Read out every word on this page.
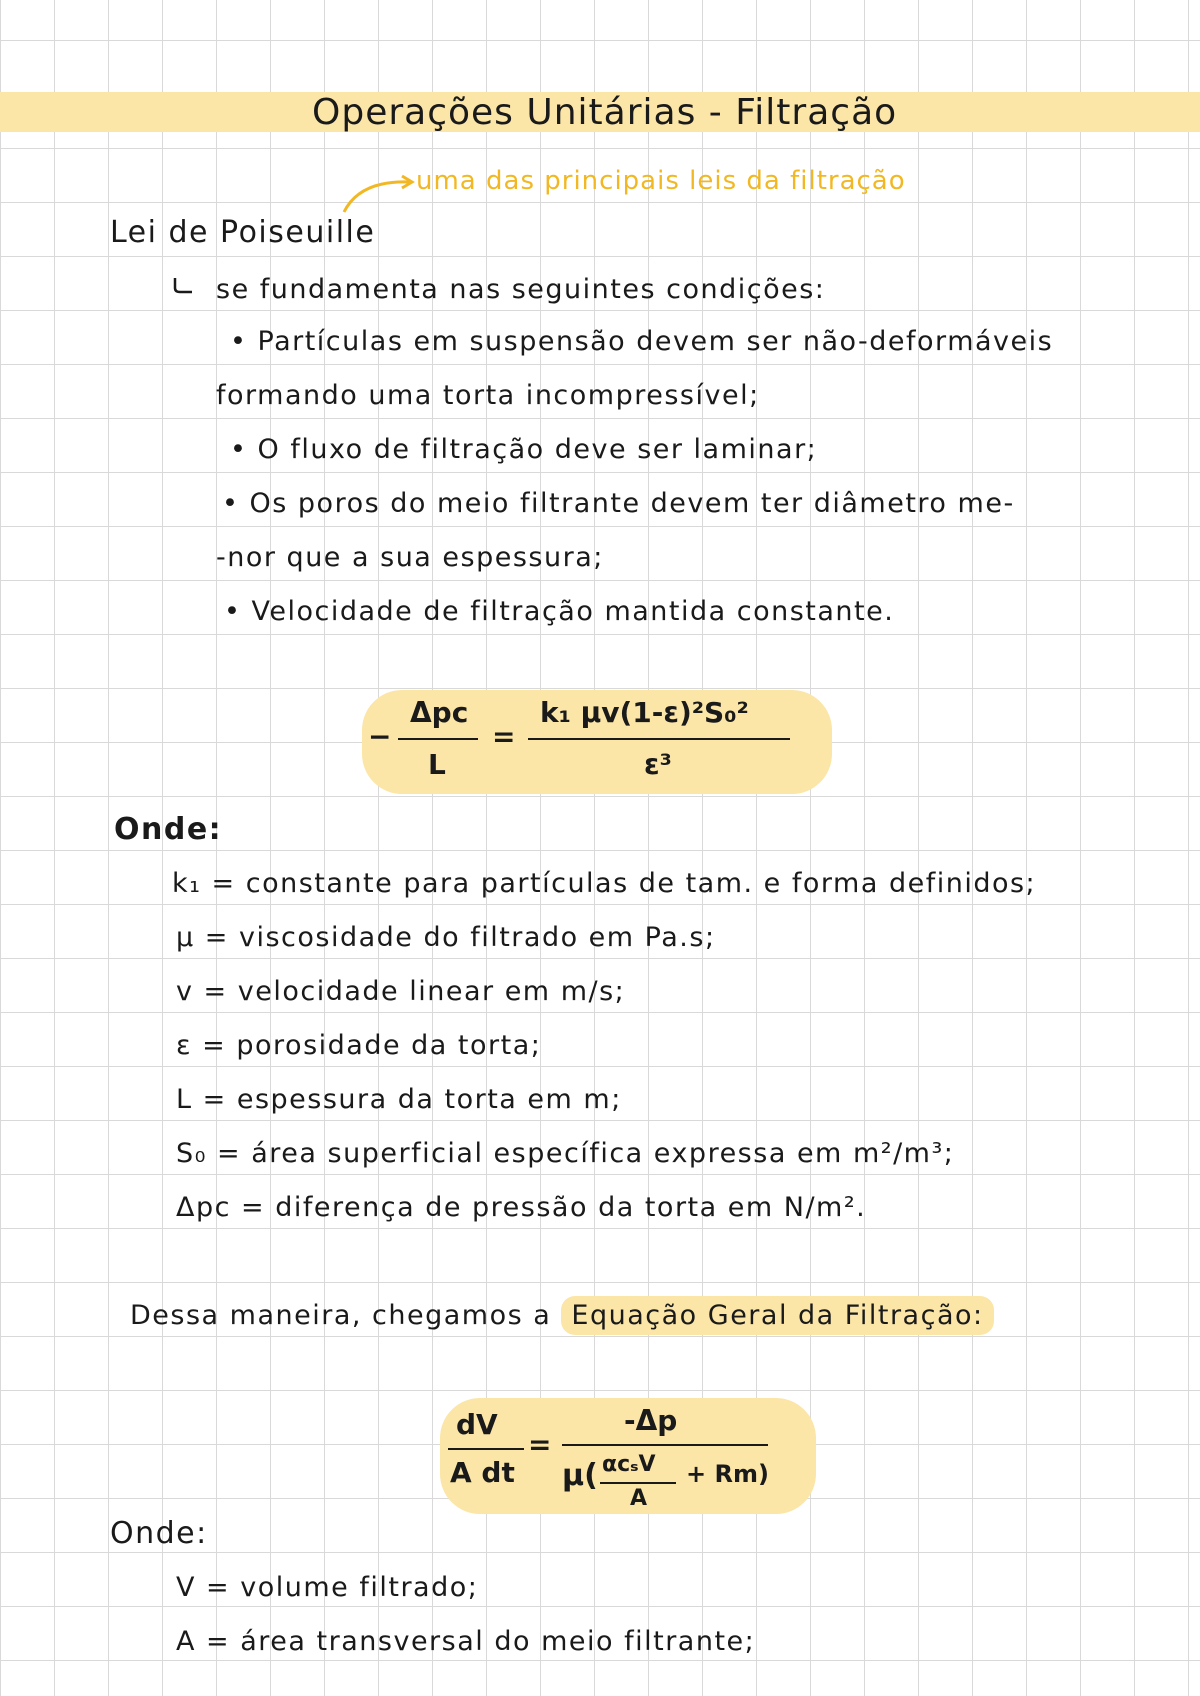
Operações Unitárias - Filtração
uma das principais leis da filtração
Lei de Poiseuille
se fundamenta nas seguintes condições:
• Partículas em suspensão devem ser não-deformáveis
formando uma torta incompressível;
• O fluxo de filtração deve ser laminar;
• Os poros do meio filtrante devem ter diâmetro me-
-nor que a sua espessura;
• Velocidade de filtração mantida constante.
−
Δpc
L
=
k₁ μv(1-ε)²S₀²
ε³
Onde:
k₁ = constante para partículas de tam. e forma definidos;
μ = viscosidade do filtrado em Pa.s;
v = velocidade linear em m/s;
ε = porosidade da torta;
L = espessura da torta em m;
S₀ = área superficial específica expressa em m²/m³;
Δpc = diferença de pressão da torta em N/m².
Dessa maneira, chegamos a Equação Geral da Filtração:
dV
A dt
=
-Δp
μ( αcₛV
A
+ Rm)
Onde:
V = volume filtrado;
A = área transversal do meio filtrante;
